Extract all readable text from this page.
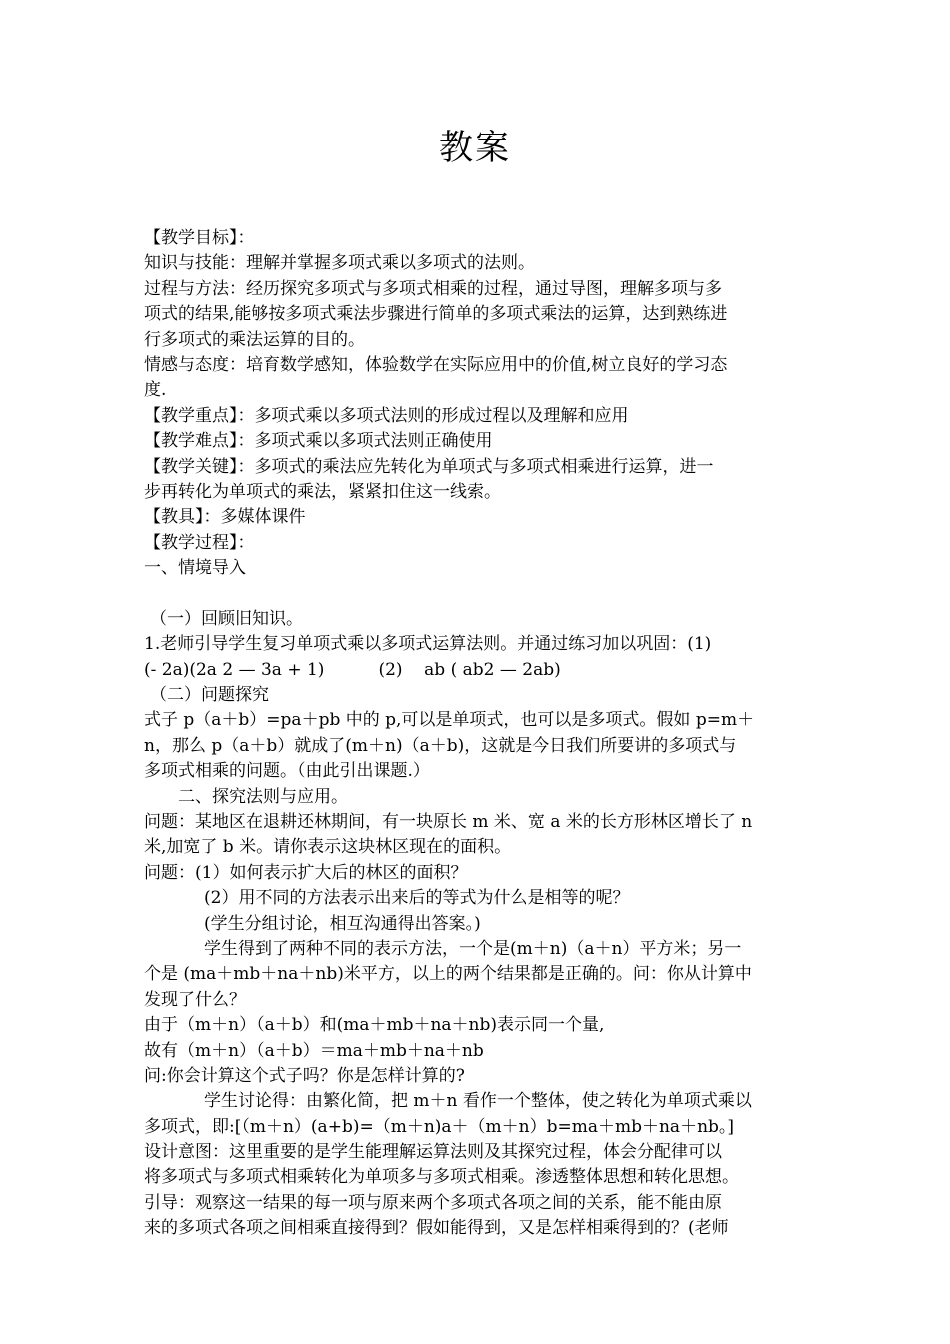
教案
【教学目标】：
知识与技能：理解并掌握多项式乘以多项式的法则。
过程与方法：经历探究多项式与多项式相乘的过程，通过导图，理解多项与多
项式的结果,能够按多项式乘法步骤进行简单的多项式乘法的运算，达到熟练进
行多项式的乘法运算的目的。
情感与态度：培育数学感知，体验数学在实际应用中的价值,树立良好的学习态
度.
【教学重点】：多项式乘以多项式法则的形成过程以及理解和应用
【教学难点】：多项式乘以多项式法则正确使用
【教学关键】：多项式的乘法应先转化为单项式与多项式相乘进行运算，进一
步再转化为单项式的乘法，紧紧扣住这一线索。
【教具】：多媒体课件
【教学过程】：
一、情境导入
（一）回顾旧知识。
1.老师引导学生复习单项式乘以多项式运算法则。并通过练习加以巩固：(1)
(- 2a)(2a 2 — 3a + 1)          (2)    ab ( ab2 — 2ab)
（二）问题探究
式子 p（a＋b）=pa＋pb 中的 p,可以是单项式，也可以是多项式。假如 p=m＋
n，那么 p（a＋b）就成了(m＋n)（a＋b)，这就是今日我们所要讲的多项式与
多项式相乘的问题。（由此引出课题.）
二、探究法则与应用。
问题：某地区在退耕还林期间，有一块原长 m 米、宽 a 米的长方形林区增长了 n
米,加宽了 b 米。请你表示这块林区现在的面积。
问题：(1）如何表示扩大后的林区的面积？
(2）用不同的方法表示出来后的等式为什么是相等的呢？
(学生分组讨论，相互沟通得出答案。)
学生得到了两种不同的表示方法，一个是(m＋n)（a＋n）平方米；另一
个是 (ma＋mb＋na＋nb)米平方，以上的两个结果都是正确的。问：你从计算中
发现了什么？
由于（m＋n）（a＋b）和(ma＋mb＋na＋nb)表示同一个量,
故有（m＋n）（a＋b）＝ma＋mb＋na＋nb
问:你会计算这个式子吗？你是怎样计算的?
学生讨论得：由繁化简，把 m＋n 看作一个整体，使之转化为单项式乘以
多项式，即:[（m＋n）(a+b)=（m＋n)a＋（m＋n）b=ma＋mb＋na＋nb。]
设计意图：这里重要的是学生能理解运算法则及其探究过程，体会分配律可以
将多项式与多项式相乘转化为单项多与多项式相乘。渗透整体思想和转化思想。
引导：观察这一结果的每一项与原来两个多项式各项之间的关系，能不能由原
来的多项式各项之间相乘直接得到？假如能得到，又是怎样相乘得到的？(老师
